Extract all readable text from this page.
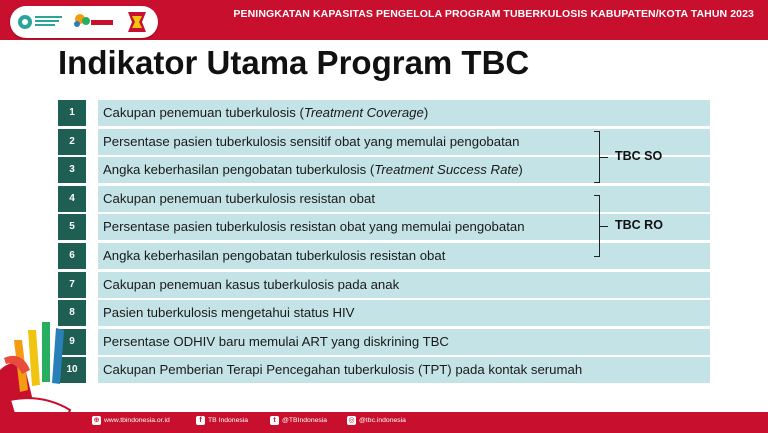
PENINGKATAN KAPASITAS PENGELOLA PROGRAM TUBERKULOSIS KABUPATEN/KOTA TAHUN 2023
Indikator Utama Program TBC
1	Cakupan penemuan tuberkulosis (Treatment Coverage)
2	Persentase pasien tuberkulosis sensitif obat yang memulai pengobatan
3	Angka keberhasilan pengobatan tuberkulosis (Treatment Success Rate)
4	Cakupan penemuan tuberkulosis resistan obat
5	Persentase pasien tuberkulosis resistan obat yang memulai pengobatan
6	Angka keberhasilan pengobatan tuberkulosis resistan obat
7	Cakupan penemuan kasus tuberkulosis pada anak
8	Pasien tuberkulosis mengetahui status HIV
9	Persentase ODHIV baru memulai ART yang diskrining TBC
10	Cakupan Pemberian Terapi Pencegahan tuberkulosis (TPT) pada kontak serumah
TBC SO
TBC RO
⊕ www.tbindonesia.or.id	f TB Indonesia	t @TBIndonesia	◎ @tbc.indonesia
